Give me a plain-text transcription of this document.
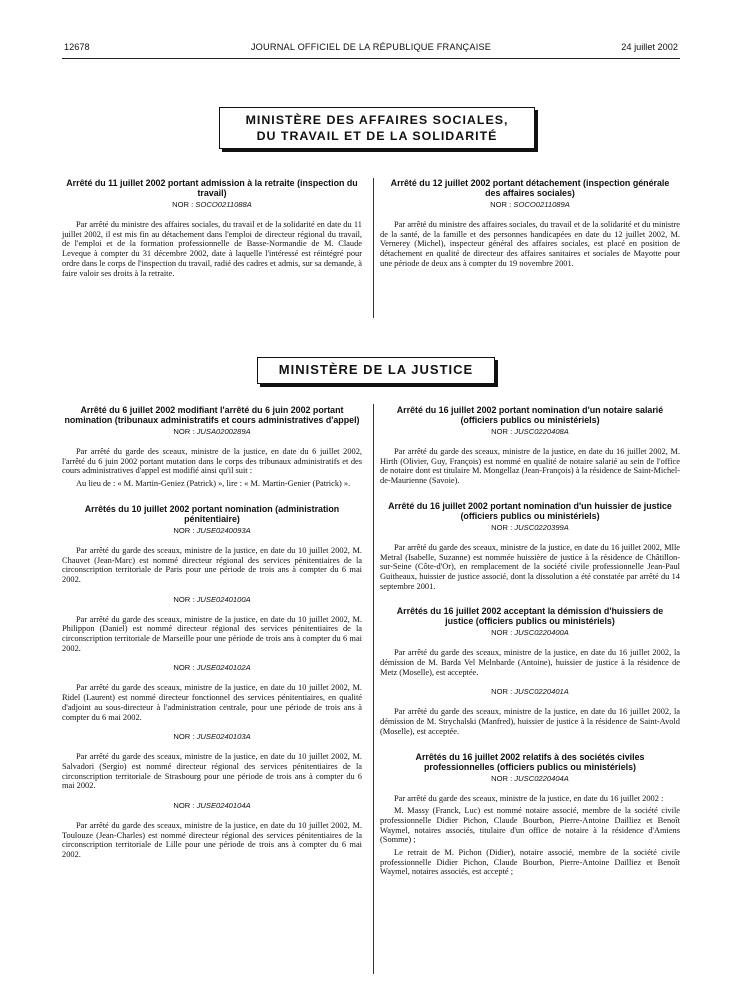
12678	JOURNAL OFFICIEL DE LA RÉPUBLIQUE FRANÇAISE	24 juillet 2002
MINISTÈRE DES AFFAIRES SOCIALES,
DU TRAVAIL ET DE LA SOLIDARITÉ
Arrêté du 11 juillet 2002 portant admission à la retraite (inspection du travail)
NOR : SOCO0211088A

Par arrêté du ministre des affaires sociales, du travail et de la solidarité en date du 11 juillet 2002, il est mis fin au détachement dans l'emploi de directeur régional du travail, de l'emploi et de la formation professionnelle de Basse-Normandie de M. Claude Leveque à compter du 31 décembre 2002, date à laquelle l'intéressé est réintégré pour ordre dans le corps de l'inspection du travail, radié des cadres et admis, sur sa demande, à faire valoir ses droits à la retraite.

Arrêté du 12 juillet 2002 portant détachement (inspection générale des affaires sociales)
NOR : SOCO0211089A

Par arrêté du ministre des affaires sociales, du travail et de la solidarité et du ministre de la santé, de la famille et des personnes handicapées en date du 12 juillet 2002, M. Vernerey (Michel), inspecteur général des affaires sociales, est placé en position de détachement en qualité de directeur des affaires sanitaires et sociales de Mayotte pour une période de deux ans à compter du 19 novembre 2001.

MINISTÈRE DE LA JUSTICE
Arrêté du 6 juillet 2002 modifiant l'arrêté du 6 juin 2002 portant nomination (tribunaux administratifs et cours administratives d'appel)
NOR : JUSA0200289A

Par arrêté du garde des sceaux, ministre de la justice, en date du 6 juillet 2002, l'arrêté du 6 juin 2002 portant mutation dans le corps des tribunaux administratifs et des cours administratives d'appel est modifié ainsi qu'il suit :

Au lieu de : « M. Martin-Geniez (Patrick) », lire : « M. Martin-Genier (Patrick) ».

Arrêtés du 10 juillet 2002 portant nomination (administration pénitentiaire)
NOR : JUSE0240093A

Par arrêté du garde des sceaux, ministre de la justice, en date du 10 juillet 2002, M. Chauvet (Jean-Marc) est nommé directeur régional des services pénitentiaires de la circonscription territoriale de Paris pour une période de trois ans à compter du 6 mai 2002.

NOR : JUSE0240100A

Par arrêté du garde des sceaux, ministre de la justice, en date du 10 juillet 2002, M. Philippon (Daniel) est nommé directeur régional des services pénitentiaires de la circonscription territoriale de Marseille pour une période de trois ans à compter du 6 mai 2002.

NOR : JUSE0240102A

Par arrêté du garde des sceaux, ministre de la justice, en date du 10 juillet 2002, M. Ridel (Laurent) est nommé directeur fonctionnel des services pénitentiaires, en qualité d'adjoint au sous-directeur à l'administration centrale, pour une période de trois ans à compter du 6 mai 2002.

NOR : JUSE0240103A

Par arrêté du garde des sceaux, ministre de la justice, en date du 10 juillet 2002, M. Salvadori (Sergio) est nommé directeur régional des services pénitentiaires de la circonscription territoriale de Strasbourg pour une période de trois ans à compter du 6 mai 2002.

NOR : JUSE0240104A

Par arrêté du garde des sceaux, ministre de la justice, en date du 10 juillet 2002, M. Toulouze (Jean-Charles) est nommé directeur régional des services pénitentiaires de la circonscription territoriale de Lille pour une période de trois ans à compter du 6 mai 2002.

Arrêté du 16 juillet 2002 portant nomination d'un notaire salarié (officiers publics ou ministériels)
NOR : JUSC0220408A

Par arrêté du garde des sceaux, ministre de la justice, en date du 16 juillet 2002, M. Hirth (Olivier, Guy, François) est nommé en qualité de notaire salarié au sein de l'office de notaire dont est titulaire M. Mongellaz (Jean-François) à la résidence de Saint-Michel-de-Maurienne (Savoie).

Arrêté du 16 juillet 2002 portant nomination d'un huissier de justice (officiers publics ou ministériels)
NOR : JUSC0220399A

Par arrêté du garde des sceaux, ministre de la justice, en date du 16 juillet 2002, Mlle Metral (Isabelle, Suzanne) est nommée huissière de justice à la résidence de Châtillon-sur-Seine (Côte-d'Or), en remplacement de la société civile professionnelle Jean-Paul Guitheaux, huissier de justice associé, dont la dissolution a été constatée par arrêté du 14 septembre 2001.

Arrêtés du 16 juillet 2002 acceptant la démission d'huissiers de justice (officiers publics ou ministériels)
NOR : JUSC0220400A

Par arrêté du garde des sceaux, ministre de la justice, en date du 16 juillet 2002, la démission de M. Barda Vel Melnbarde (Antoine), huissier de justice à la résidence de Metz (Moselle), est acceptée.

NOR : JUSC0220401A

Par arrêté du garde des sceaux, ministre de la justice, en date du 16 juillet 2002, la démission de M. Strychalski (Manfred), huissier de justice à la résidence de Saint-Avold (Moselle), est acceptée.

Arrêtés du 16 juillet 2002 relatifs à des sociétés civiles professionnelles (officiers publics ou ministériels)
NOR : JUSC0220404A

Par arrêté du garde des sceaux, ministre de la justice, en date du 16 juillet 2002 :

M. Massy (Franck, Luc) est nommé notaire associé, membre de la société civile professionnelle Didier Pichon, Claude Bourbon, Pierre-Antoine Dailliez et Benoît Waymel, notaires associés, titulaire d'un office de notaire à la résidence d'Amiens (Somme) ;

Le retrait de M. Pichon (Didier), notaire associé, membre de la société civile professionnelle Didier Pichon, Claude Bourbon, Pierre-Antoine Dailliez et Benoît Waymel, notaires associés, est accepté ;
